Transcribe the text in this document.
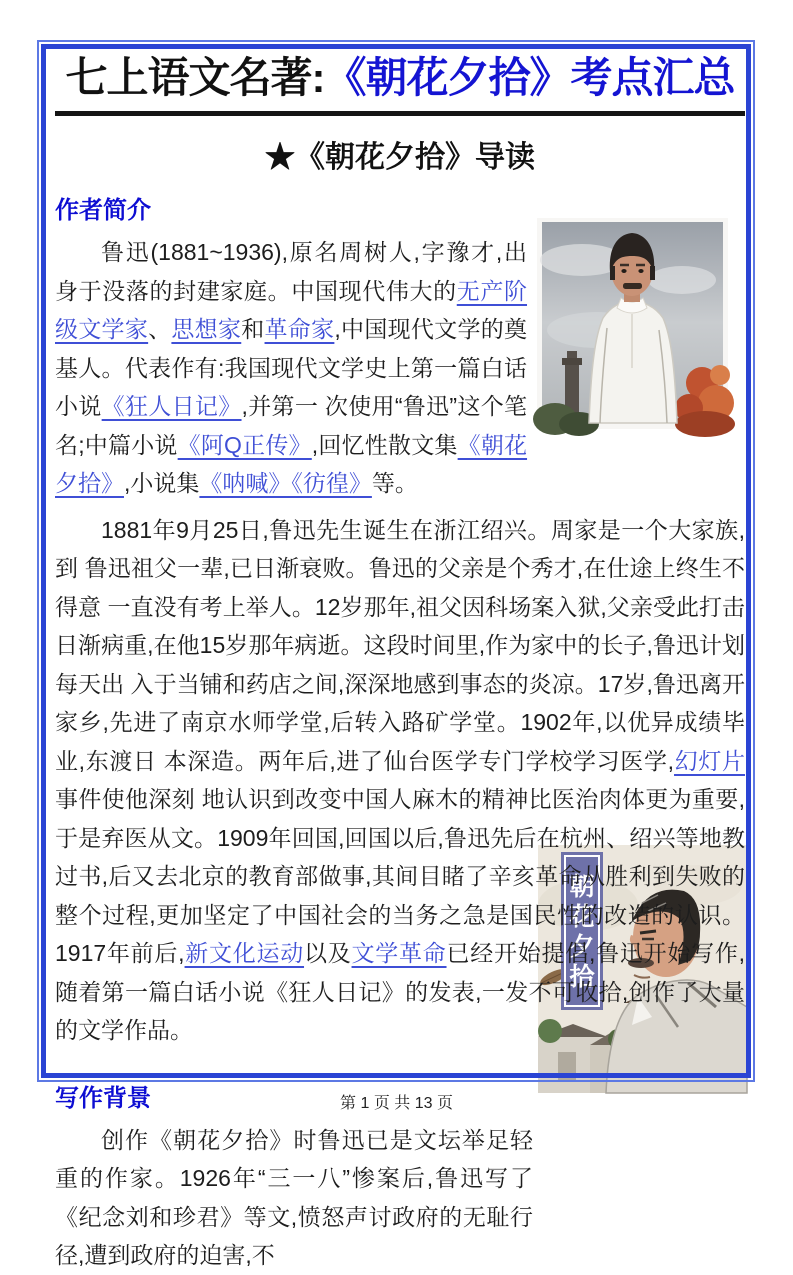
朝花夕拾
七上语文名著:《朝花夕拾》考点汇总
★《朝花夕拾》导读
作者简介

鲁迅(1881~1936),原名周树人,字豫才,出身于没落的封建家庭。中国现代伟大的无产阶级文学家、思想家和革命家,中国现代文学的奠基人。代表作有:我国现代文学史上第一篇白话小说《狂人日记》,并第一 次使用“鲁迅”这个笔名;中篇小说《阿Q正传》,回忆性散文集《朝花夕拾》,小说集《呐喊》《彷徨》等。

1881年9月25日,鲁迅先生诞生在浙江绍兴。周家是一个大家族,到 鲁迅祖父一辈,已日渐衰败。鲁迅的父亲是个秀才,在仕途上终生不得意 一直没有考上举人。12岁那年,祖父因科场案入狱,父亲受此打击日渐病重,在他15岁那年病逝。这段时间里,作为家中的长子,鲁迅计划每天出 入于当铺和药店之间,深深地感到事态的炎凉。17岁,鲁迅离开家乡,先进了南京水师学堂,后转入路矿学堂。1902年,以优异成绩毕业,东渡日 本深造。两年后,进了仙台医学专门学校学习医学,幻灯片事件使他深刻 地认识到改变中国人麻木的精神比医治肉体更为重要,于是弃医从文。1909年回国,回国以后,鲁迅先后在杭州、绍兴等地教过书,后又去北京的教育部做事,其间目睹了辛亥革命从胜利到失败的整个过程,更加坚定了中国社会的当务之急是国民性的改造的认识。1917年前后,新文化运动以及文学革命已经开始提倡,鲁迅开始写作,随着第一篇白话小说《狂人日记》的发表,一发不可收拾,创作了大量的文学作品。

写作背景

创作《朝花夕拾》时鲁迅已是文坛举足轻重的作家。1926年“三一八”惨案后,鲁迅写了《纪念刘和珍君》等文,愤怒声讨政府的无耻行径,遭到政府的迫害,不

第 1 页 共 13 页
